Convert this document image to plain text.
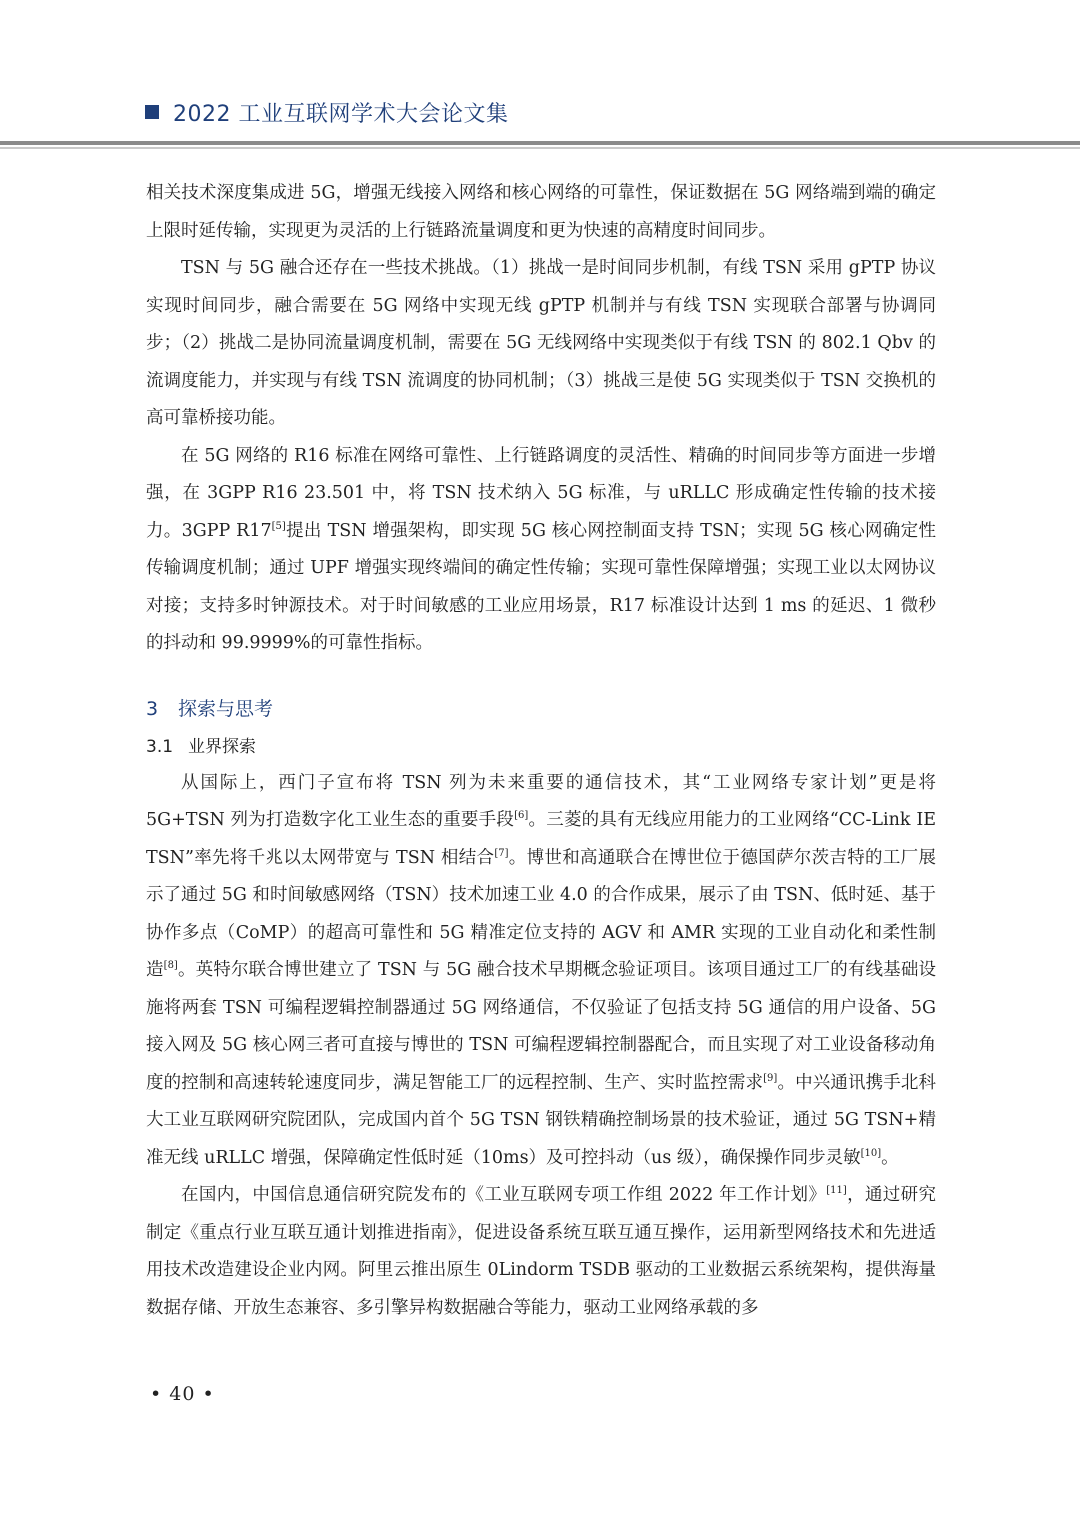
2022 工业互联网学术大会论文集

相关技术深度集成进 5G，增强无线接入网络和核心网络的可靠性，保证数据在 5G 网络端到端的确定上限时延传输，实现更为灵活的上行链路流量调度和更为快速的高精度时间同步。

TSN 与 5G 融合还存在一些技术挑战。（1）挑战一是时间同步机制，有线 TSN 采用 gPTP 协议实现时间同步，融合需要在 5G 网络中实现无线 gPTP 机制并与有线 TSN 实现联合部署与协调同步；（2）挑战二是协同流量调度机制，需要在 5G 无线网络中实现类似于有线 TSN 的 802.1 Qbv 的流调度能力，并实现与有线 TSN 流调度的协同机制；（3）挑战三是使 5G 实现类似于 TSN 交换机的高可靠桥接功能。

在 5G 网络的 R16 标准在网络可靠性、上行链路调度的灵活性、精确的时间同步等方面进一步增强，在 3GPP R16 23.501 中，将 TSN 技术纳入 5G 标准，与 uRLLC 形成确定性传输的技术接力。3GPP R17[5]提出 TSN 增强架构，即实现 5G 核心网控制面支持 TSN；实现 5G 核心网确定性传输调度机制；通过 UPF 增强实现终端间的确定性传输；实现可靠性保障增强；实现工业以太网协议对接；支持多时钟源技术。对于时间敏感的工业应用场景，R17 标准设计达到 1 ms 的延迟、1 微秒的抖动和 99.9999%的可靠性指标。

3 探索与思考

3.1 业界探索

从国际上，西门子宣布将 TSN 列为未来重要的通信技术，其“工业网络专家计划”更是将 5G+TSN 列为打造数字化工业生态的重要手段[6]。三菱的具有无线应用能力的工业网络“CC-Link IE TSN”率先将千兆以太网带宽与 TSN 相结合[7]。博世和高通联合在博世位于德国萨尔茨吉特的工厂展示了通过 5G 和时间敏感网络（TSN）技术加速工业 4.0 的合作成果，展示了由 TSN、低时延、基于协作多点（CoMP）的超高可靠性和 5G 精准定位支持的 AGV 和 AMR 实现的工业自动化和柔性制造[8]。英特尔联合博世建立了 TSN 与 5G 融合技术早期概念验证项目。该项目通过工厂的有线基础设施将两套 TSN 可编程逻辑控制器通过 5G 网络通信，不仅验证了包括支持 5G 通信的用户设备、5G 接入网及 5G 核心网三者可直接与博世的 TSN 可编程逻辑控制器配合，而且实现了对工业设备移动角度的控制和高速转轮速度同步，满足智能工厂的远程控制、生产、实时监控需求[9]。中兴通讯携手北科大工业互联网研究院团队，完成国内首个 5G TSN 钢铁精确控制场景的技术验证，通过 5G TSN+精准无线 uRLLC 增强，保障确定性低时延（10ms）及可控抖动（us 级），确保操作同步灵敏[10]。

在国内，中国信息通信研究院发布的《工业互联网专项工作组 2022 年工作计划》[11]，通过研究制定《重点行业互联互通计划推进指南》，促进设备系统互联互通互操作，运用新型网络技术和先进适用技术改造建设企业内网。阿里云推出原生 0Lindorm TSDB 驱动的工业数据云系统架构，提供海量数据存储、开放生态兼容、多引擎异构数据融合等能力，驱动工业网络承载的多

• 40 •
